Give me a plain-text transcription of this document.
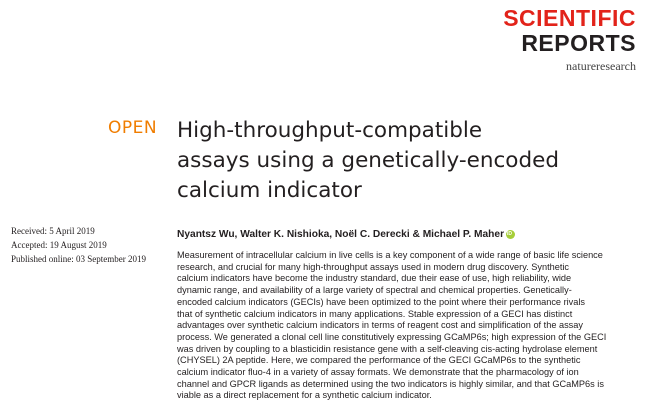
SCIENTIFIC
REPORTS
natureresearch
OPEN High-throughput-compatible
assays using a genetically-encoded
calcium indicator
Nyantsz Wu, Walter K. Nishioka, Noël C. Derecki & Michael P. Maher
iD
Received: 5 April 2019
Accepted: 19 August 2019
Published online: 03 September 2019	Measurement of intracellular calcium in live cells is a key component of a wide range of basic life science
research, and crucial for many high-throughput assays used in modern drug discovery. Synthetic
calcium indicators have become the industry standard, due their ease of use, high reliability, wide
dynamic range, and availability of a large variety of spectral and chemical properties. Genetically-
encoded calcium indicators (GECIs) have been optimized to the point where their performance rivals
that of synthetic calcium indicators in many applications. Stable expression of a GECI has distinct
advantages over synthetic calcium indicators in terms of reagent cost and simplification of the assay
process. We generated a clonal cell line constitutively expressing GCaMP6s; high expression of the GECI
was driven by coupling to a blasticidin resistance gene with a self-cleaving cis-acting hydrolase element
(CHYSEL) 2A peptide. Here, we compared the performance of the GECI GCaMP6s to the synthetic
calcium indicator fluo-4 in a variety of assay formats. We demonstrate that the pharmacology of ion
channel and GPCR ligands as determined using the two indicators is highly similar, and that GCaMP6s is
viable as a direct replacement for a synthetic calcium indicator.
